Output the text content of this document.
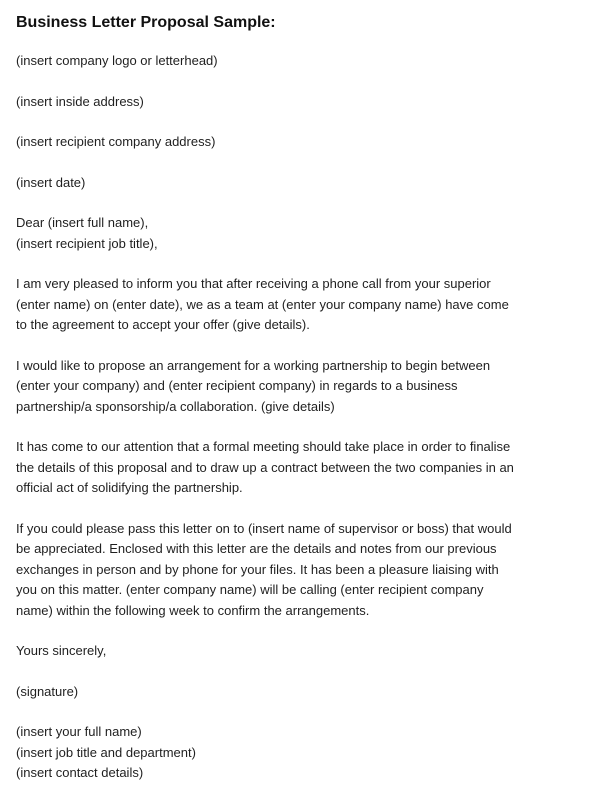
Business Letter Proposal Sample:

(insert company logo or letterhead)

(insert inside address)

(insert recipient company address)

(insert date)

Dear (insert full name),
(insert recipient job title),

I am very pleased to inform you that after receiving a phone call from your superior
(enter name) on (enter date), we as a team at (enter your company name) have come
to the agreement to accept your offer (give details).

I would like to propose an arrangement for a working partnership to begin between
(enter your company) and (enter recipient company) in regards to a business
partnership/a sponsorship/a collaboration. (give details)

It has come to our attention that a formal meeting should take place in order to finalise
the details of this proposal and to draw up a contract between the two companies in an
official act of solidifying the partnership.

If you could please pass this letter on to (insert name of supervisor or boss) that would
be appreciated. Enclosed with this letter are the details and notes from our previous
exchanges in person and by phone for your files. It has been a pleasure liaising with
you on this matter. (enter company name) will be calling (enter recipient company
name) within the following week to confirm the arrangements.

Yours sincerely,

(signature)

(insert your full name)
(insert job title and department)
(insert contact details)
